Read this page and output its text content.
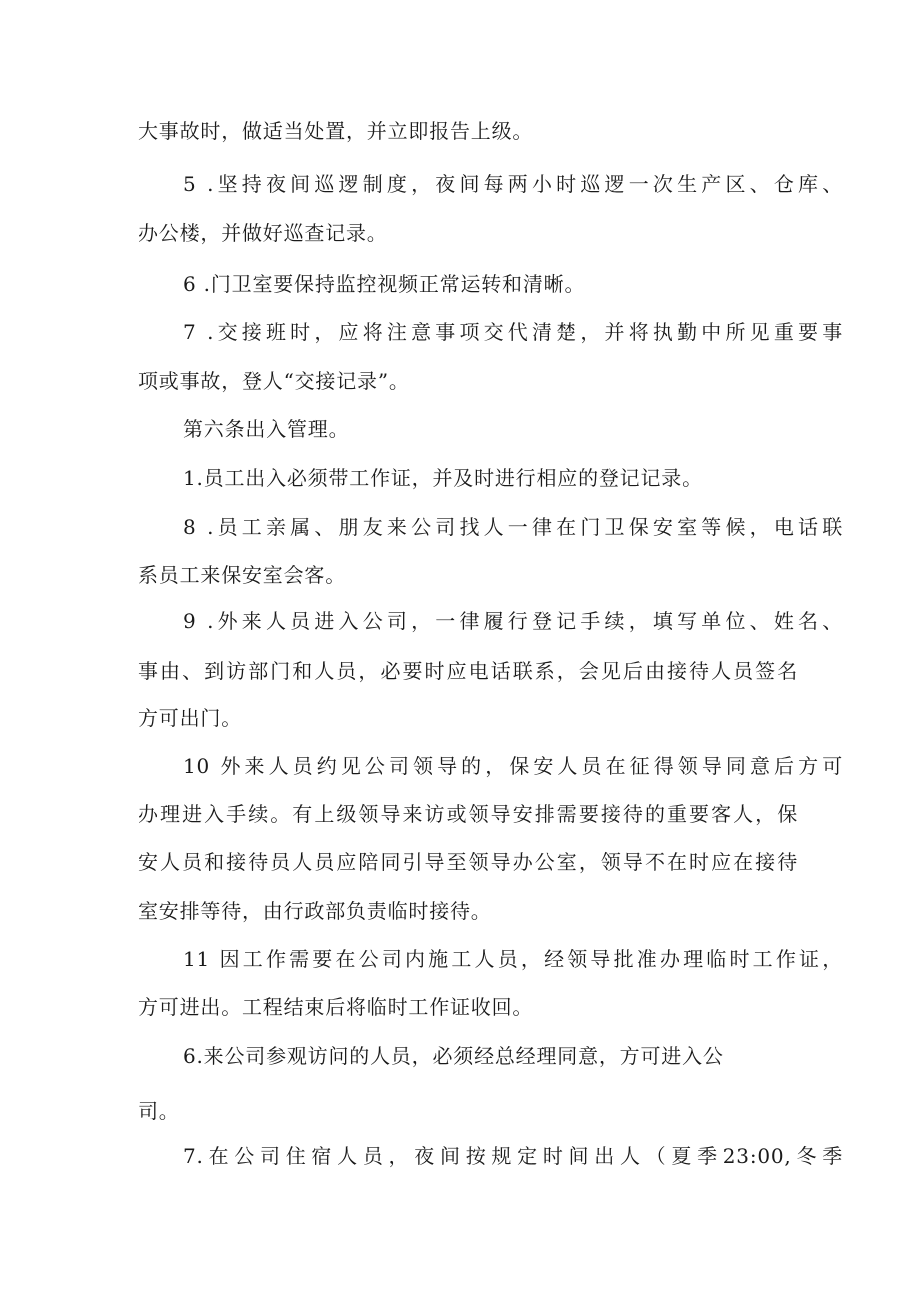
大事故时，做适当处置，并立即报告上级。
5 .坚持夜间巡逻制度，夜间每两小时巡逻一次生产区、仓库、
办公楼，并做好巡查记录。
6 .门卫室要保持监控视频正常运转和清晰。
7 .交接班时，应将注意事项交代清楚，并将执勤中所见重要事
项或事故，登人“交接记录”。
第六条出入管理。
1.员工出入必须带工作证，并及时进行相应的登记记录。
8 .员工亲属、朋友来公司找人一律在门卫保安室等候，电话联
系员工来保安室会客。
9 .外来人员进入公司，一律履行登记手续，填写单位、姓名、
事由、到访部门和人员，必要时应电话联系，会见后由接待人员签名
方可出门。
10 外来人员约见公司领导的，保安人员在征得领导同意后方可
办理进入手续。有上级领导来访或领导安排需要接待的重要客人，保
安人员和接待员人员应陪同引导至领导办公室，领导不在时应在接待
室安排等待，由行政部负责临时接待。
11 因工作需要在公司内施工人员，经领导批准办理临时工作证，
方可进出。工程结束后将临时工作证收回。
6.来公司参观访问的人员，必须经总经理同意，方可进入公
司。
7.在公司住宿人员，夜间按规定时间出人（夏季23:00,冬季
